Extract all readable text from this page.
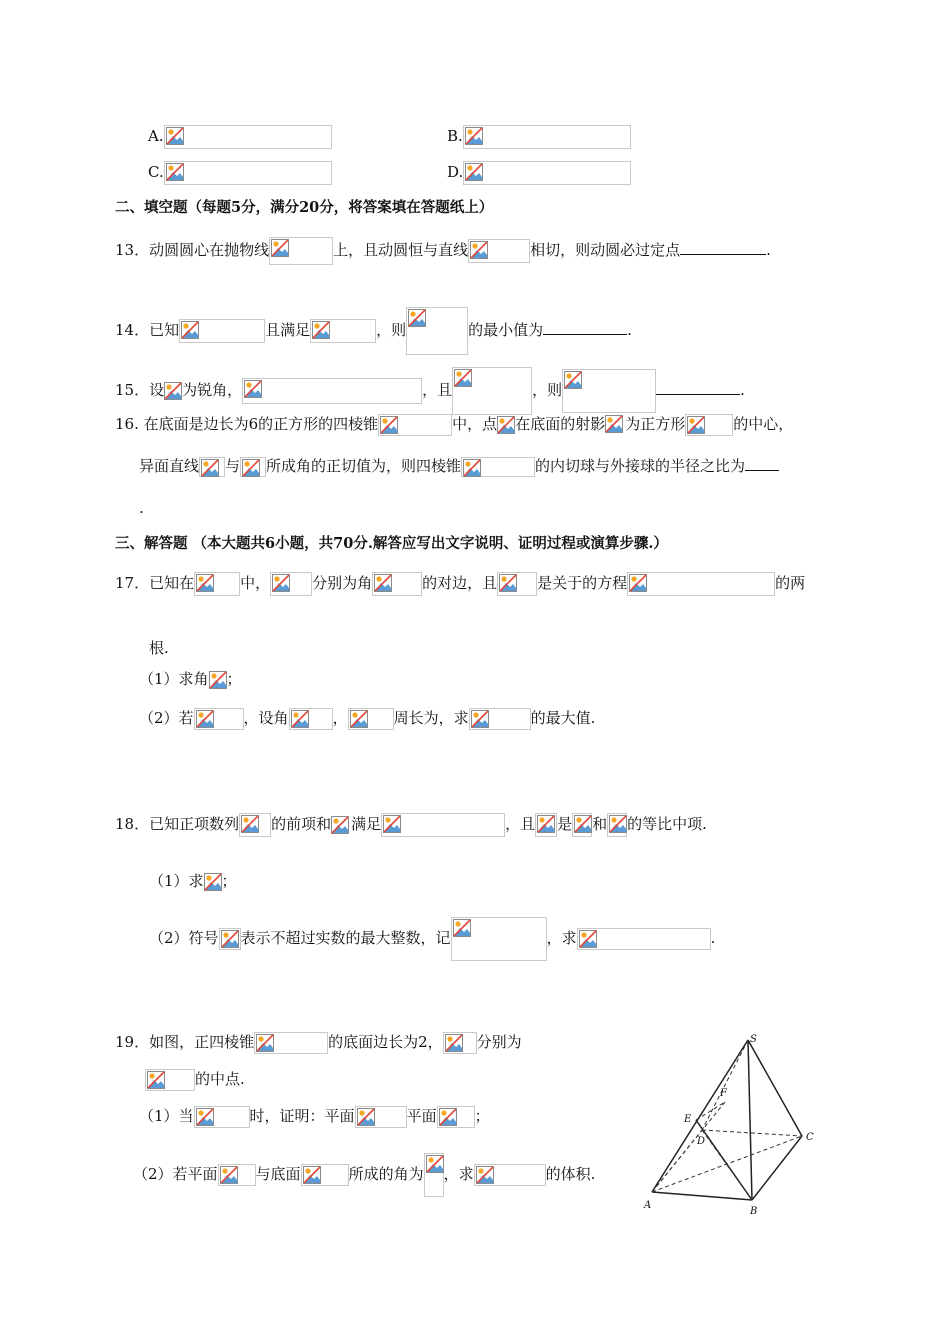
A.	B.
C.	D.
二、填空题（每题5分，满分20分，将答案填在答题纸上）
13．动圆圆心在抛物线	上，且动圆恒与直线	相切，则动圆必过定点	.
14．已知	且满足	，则	的最小值为	.
15．设 为锐角，	，且	，则	.
16. 在底面是边长为6的正方形的四棱锥	中，点 在底面的射影 为正方形	的中心，
异面直线 与 所成角的正切值为，则四棱锥	的内切球与外接球的半径之比为
.
三、解答题 （本大题共6小题，共70分.解答应写出文字说明、证明过程或演算步骤.）
17．已知在	中，	分别为角	的对边，且	是关于的方程	的两
根.
（1）求角 ；
（2）若	，设角	，	周长为，求	的最大值.
18．已知正项数列 的前项和 满足	，且 是 和 的等比中项.
（1）求 ；
（2）符号 表示不超过实数的最大整数，记	，求	.
19．如图，正四棱锥	的底面边长为2， 分别为
的中点.
（1）当	时，证明：平面	平面	；
（2）若平面	与底面	所成的角为 ，求	的体积.
S
E
F
D	C
A
B
